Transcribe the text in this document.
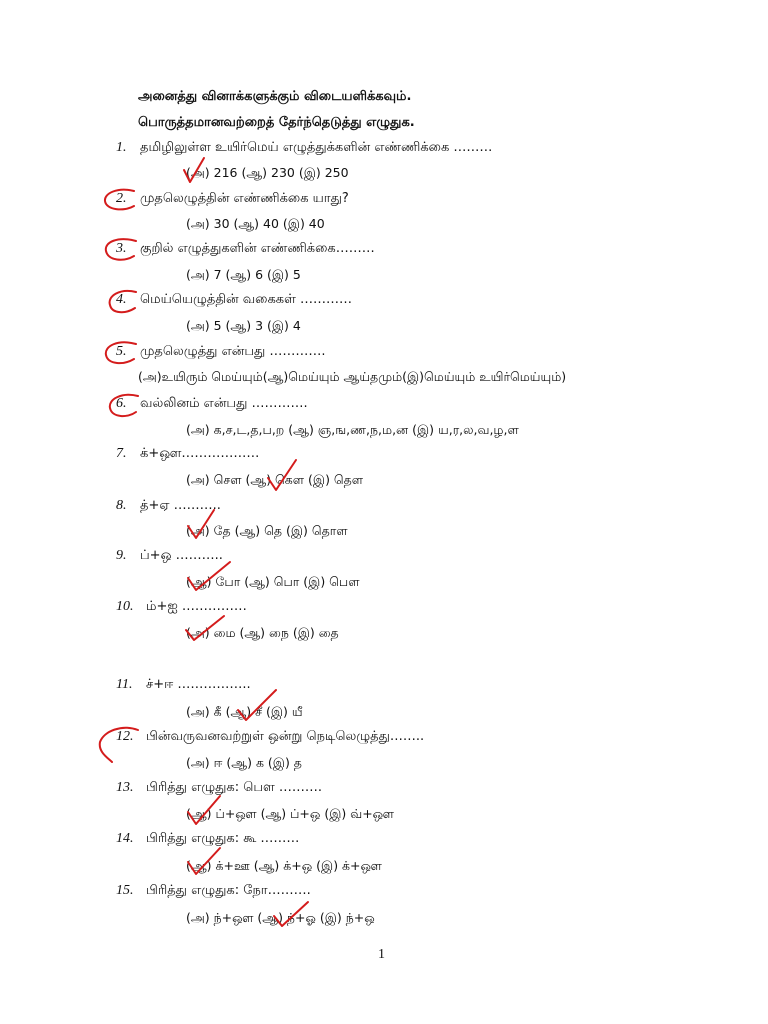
அனைத்து வினாக்களுக்கும் விடையளிக்கவும்.
பொருத்தமானவற்றைத் தேர்ந்தெடுத்து எழுதுக.
1. தமிழிலுள்ள உயிர்மெய் எழுத்துக்களின் எண்ணிக்கை ………
(அ) 216 (ஆ) 230 (இ) 250
2. முதலெழுத்தின் எண்ணிக்கை யாது?
(அ) 30 (ஆ) 40 (இ) 40
3. குறில் எழுத்துகளின் எண்ணிக்கை………
(அ) 7 (ஆ) 6 (இ) 5
4. மெய்யெழுத்தின் வகைகள் …………
(அ) 5 (ஆ) 3 (இ) 4
5. முதலெழுத்து என்பது ………….
(அ)உயிரும் மெய்யும்(ஆ)மெய்யும் ஆய்தமும்(இ)மெய்யும் உயிர்மெய்யும்)
6. வல்லினம் என்பது ………….
(அ) க,ச,ட,த,ப,ற (ஆ) ஞ,ங,ண,ந,ம,ன (இ) ய,ர,ல,வ,ழ,ள
7. க்+ஔ………………
(அ) சௌ (ஆ) கௌ (இ) தௌ
8. த்+ஏ ………..
(அ) தே (ஆ) தெ (இ) தொள
9. ப்+ஒ ………..
(ஆ) போ (ஆ) பொ (இ) பௌ
10. ம்+ஐ ……………
(அ) மை (ஆ) நை (இ) தை
11. ச்+ஈ ……………..
(அ) கீ (ஆ) சீ (இ) யீ
12. பின்வருவனவற்றுள் ஒன்று நெடிலெழுத்து……..
(அ) ஈ (ஆ) க (இ) த
13. பிரித்து எழுதுக: பௌ ……….
(ஆ) ப்+ஔ (ஆ) ப்+ஒ (இ) வ்+ஔ
14. பிரித்து எழுதுக: கூ ………
(ஆ) க்+ஊ (ஆ) க்+ஒ (இ) க்+ஔ
15. பிரித்து எழுதுக: நோ……….
(அ) ந்+ஔ (ஆ) ந்+ஓ (இ) ந்+ஒ
1
